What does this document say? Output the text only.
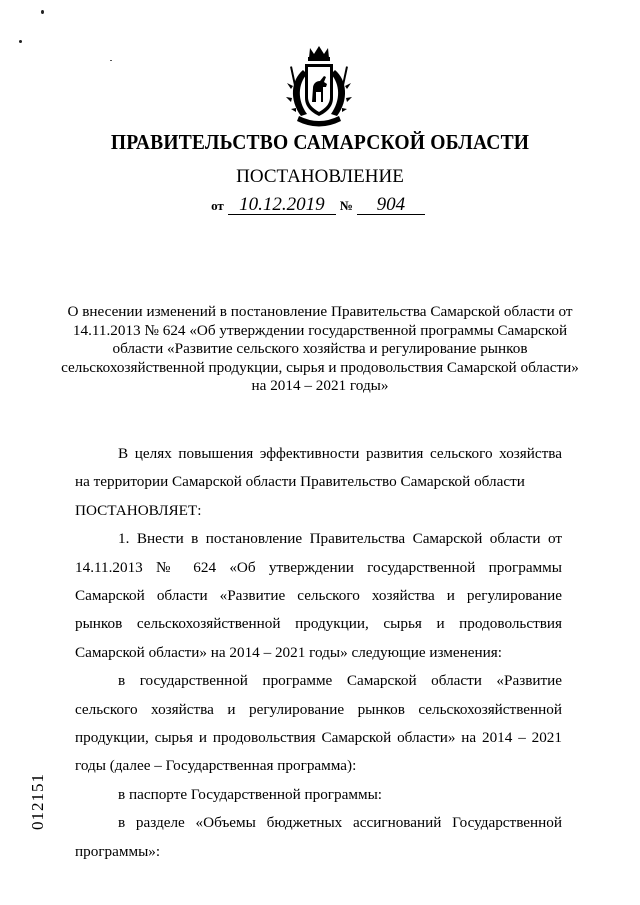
ПРАВИТЕЛЬСТВО САМАРСКОЙ ОБЛАСТИ
ПОСТАНОВЛЕНИЕ
от 10.12.2019 № 904
О внесении изменений в постановление Правительства Самарской области от 14.11.2013 № 624 «Об утверждении государственной программы Самарской области «Развитие сельского хозяйства и регулирование рынков сельскохозяйственной продукции, сырья и продовольствия Самарской области» на 2014 – 2021 годы»

В целях повышения эффективности развития сельского хозяйства на территории Самарской области Правительство Самарской области

ПОСТАНОВЛЯЕТ:

1. Внести в постановление Правительства Самарской области от 14.11.2013 № 624 «Об утверждении государственной программы Самарской области «Развитие сельского хозяйства и регулирование рынков сельскохозяйственной продукции, сырья и продовольствия Самарской области» на 2014 – 2021 годы» следующие изменения:

в государственной программе Самарской области «Развитие сельского хозяйства и регулирование рынков сельскохозяйственной продукции, сырья и продовольствия Самарской области» на 2014 – 2021 годы (далее – Государственная программа):

в паспорте Государственной программы:

в разделе «Объемы бюджетных ассигнований Государственной программы»:

012151
